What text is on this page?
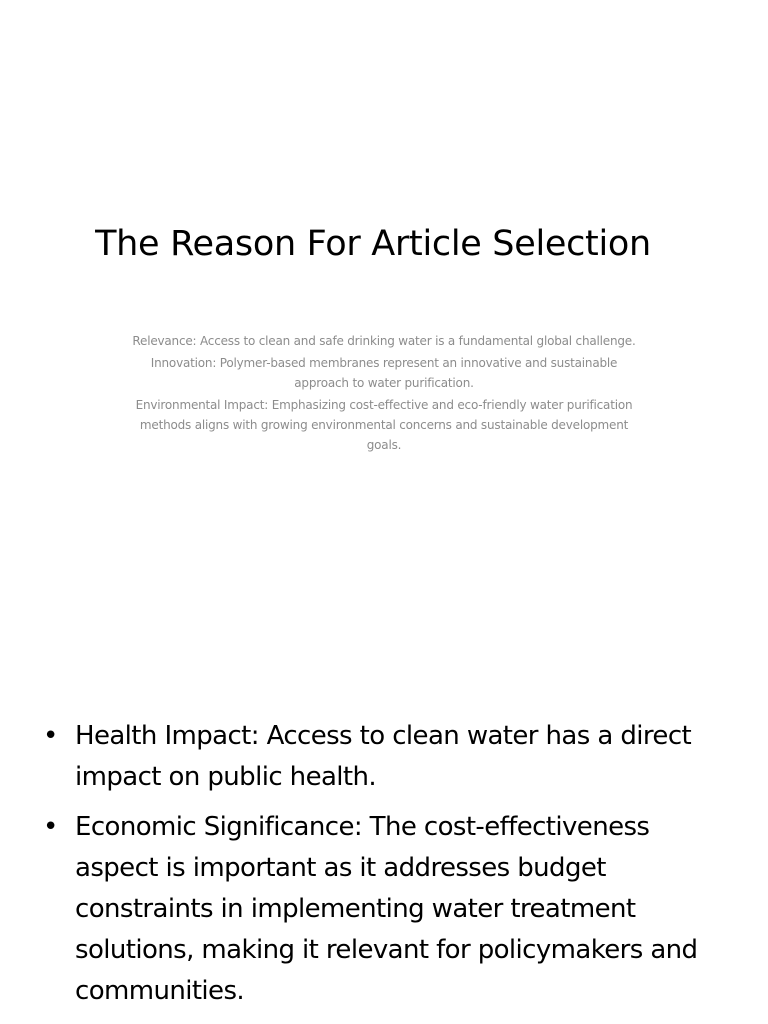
The Reason For Article Selection

Relevance: Access to clean and safe drinking water is a fundamental global challenge.

Innovation: Polymer-based membranes represent an innovative and sustainable approach to water purification.

Environmental Impact: Emphasizing cost-effective and eco-friendly water purification methods aligns with growing environmental concerns and sustainable development goals.

• Health Impact: Access to clean water has a direct impact on public health.
• Economic Significance: The cost-effectiveness aspect is important as it addresses budget constraints in implementing water treatment solutions, making it relevant for policymakers and communities.
